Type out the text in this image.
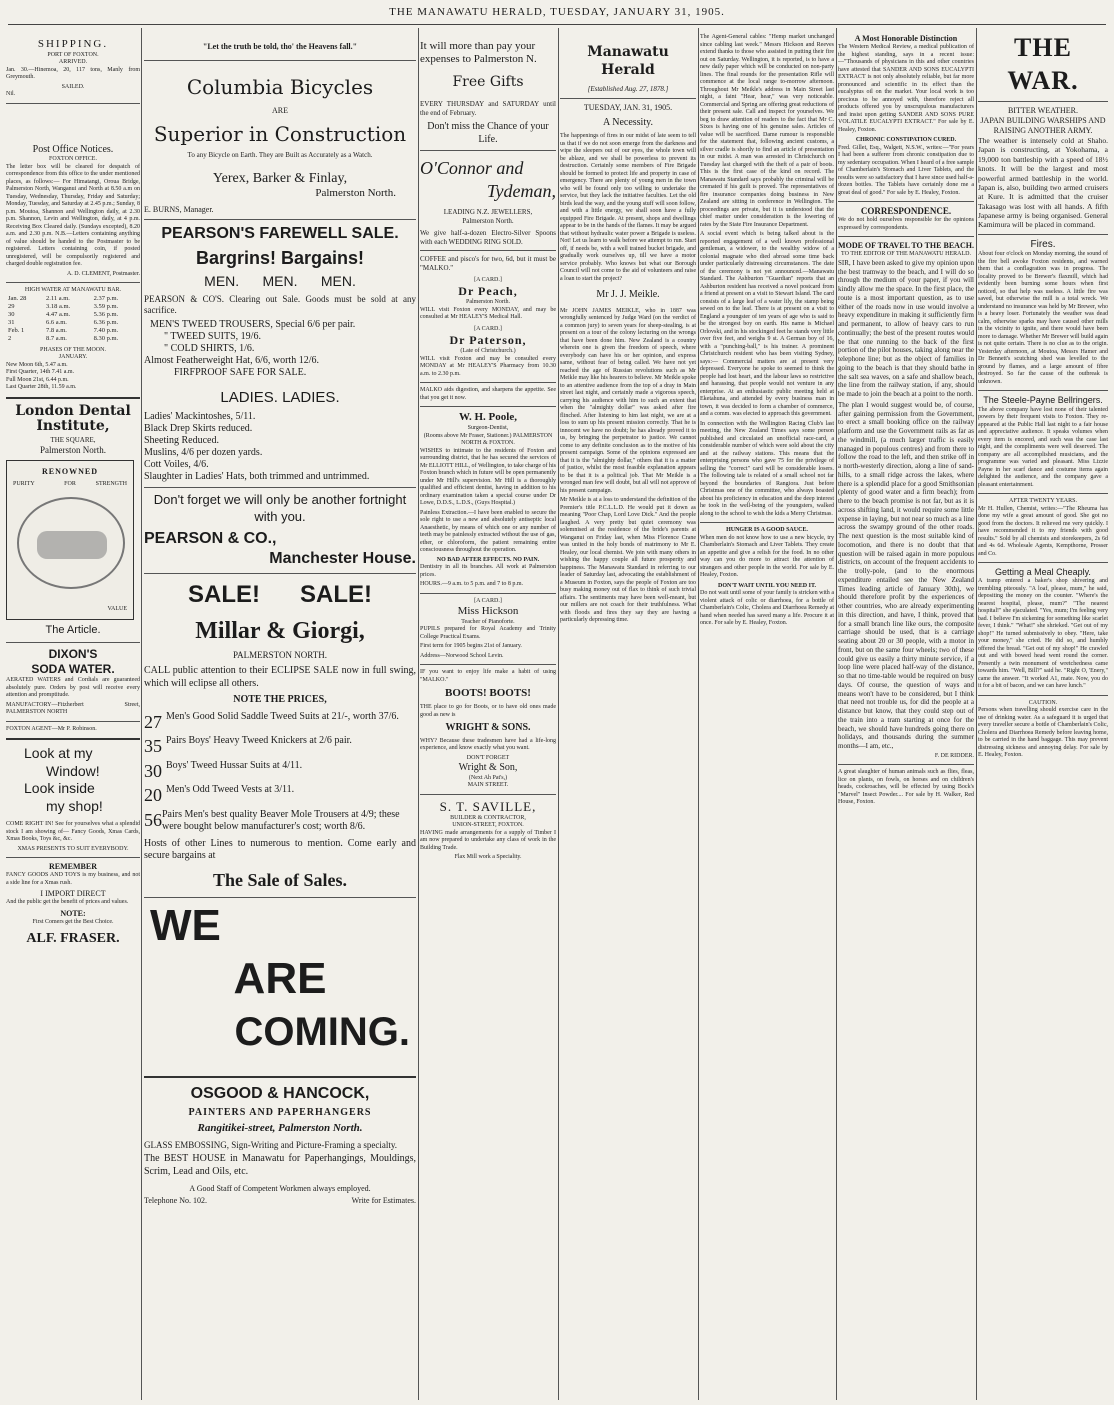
THE MANAWATU HERALD, TUESDAY, JANUARY 31, 1905.
SHIPPING.
PORT OF FOXTON.
ARRIVED.

Jan. 30.—Hinemoa, 20, 117 tons, Manly from Greymouth.

SAILED.

Nil.

Post Office Notices.
FOXTON OFFICE.

The letter box will be cleared for despatch of correspondence from this office to the under mentioned places, as follows:— For Himatangi, Oroua Bridge, Palmerston North, Wanganui and North at 8.50 a.m on Tuesday, Wednesday, Thursday, Friday and Saturday; Monday, Tuesday, and Saturday at 2.45 p.m.; Sunday, 8 p.m. Moutoa, Shannon and Wellington daily, at 2.30 p.m. Shannon, Levin and Wellington, daily, at 4 p.m. Receiving Box Cleared daily. (Sundays excepted), 8.20 a.m. and 2.30 p.m. N.B.—Letters containing anything of value should be handed to the Postmaster to be registered. Letters containing coin, if posted unregistered, will be compulsorily registered and charged double registration fee.

A. D. CLEMENT, Postmaster.
HIGH WATER AT MANAWATU BAR.
Jan. 28	2.11 a.m.	2.37 p.m.
29	3.18 a.m.	3.59 p.m.
30	4.47 a.m.	5.36 p.m.
31	6.6 a.m.	6.36 p.m.
Feb. 1	7.8 a.m.	7.40 p.m.
2	8.7 a.m.	8.30 p.m.
PHASES OF THE MOON.
JANUARY.
New Moon 6th, 5.47 a.m.
First Quarter, 14th 7.41 a.m.
Full Moon 21st, 6.44 p.m.
Last Quarter 28th, 11.59 a.m.
London Dental Institute,
THE SQUARE,
Palmerston North.
RENOWNED
PURITY	FOR	STRENGTH
VALUE
The Article.
DIXON'S
SODA WATER.

AERATED WATERS and Cordials are guaranteed absolutely pure. Orders by post will receive every attention and promptitude.

MANUFACTORY—Fitzherbert Street, PALMERSTON NORTH

FOXTON AGENT—Mr P. Robinson.

Look at my
Window!
Look inside
my shop!

COME RIGHT IN! See for yourselves what a splendid stock I am showing of— Fancy Goods, Xmas Cards, Xmas Books, Toys &c, &c.

XMAS PRESENTS TO SUIT EVERYBODY.

REMEMBER

FANCY GOODS AND TOYS is my business, and not a side line for a Xmas rush.

I IMPORT DIRECT

And the public get the benefit of prices and values.

NOTE:

First Comers get the Best Choice.

ALF. FRASER.
"Let the truth be told, tho' the Heavens fall."
Columbia Bicycles
ARE
Superior in Construction
To any Bicycle on Earth. They are Built as Accurately as a Watch.
Yerex, Barker & Finlay,
Palmerston North.
E. BURNS, Manager.
PEARSON'S FAREWELL SALE.
Bargrins! Bargains!
MEN.      MEN.      MEN.

PEARSON & CO'S. Clearing out Sale. Goods must be sold at any sacrifice.

MEN'S TWEED TROUSERS, Special 6/6 per pair.
" TWEED SUITS, 19/6.
" COLD SHIRTS, 1/6.
Almost Featherweight Hat, 6/6, worth 12/6.
FIRFPROOF SAFE FOR SALE.
LADIES. LADIES.
Ladies' Mackintoshes, 5/11.
Black Drep Skirts reduced.
Sheeting Reduced.
Muslins, 4/6 per dozen yards.
Cott Voiles, 4/6.
Slaughter in Ladies' Hats, both trimmed and untrimmed.
Don't forget we will only be another fortnight with you.
PEARSON & CO.,
Manchester House.
SALE!      SALE!
Millar & Giorgi,
PALMERSTON NORTH.

CALL public attention to their ECLIPSE SALE now in full swing, which will eclipse all others.

NOTE THE PRICES,
27 Men's Good Solid Saddle Tweed Suits at 21/-, worth 37/6.
35 Pairs Boys' Heavy Tweed Knickers at 2/6 pair.
30 Boys' Tweed Hussar Suits at 4/11.
20 Men's Odd Tweed Vests at 3/11.
56 Pairs Men's best quality Beaver Mole Trousers at 4/9; these were bought below manufacturer's cost; worth 8/6.

Hosts of other Lines to numerous to mention. Come early and secure bargains at

The Sale of Sales.
WE
ARE
COMING.
OSGOOD & HANCOCK,
PAINTERS AND PAPERHANGERS
Rangitikei-street, Palmerston North.

GLASS EMBOSSING, Sign-Writing and Picture-Framing a specialty.

The BEST HOUSE in Manawatu for Paperhangings, Mouldings, Scrim, Lead and Oils, etc.

A Good Staff of Competent Workmen always employed.
Telephone No. 102.	Write for Estimates.
It will more than pay your expenses to Palmerston N.
Free Gifts

EVERY THURSDAY and SATURDAY until the end of February.

Don't miss the Chance of your Life.
O'Connor and
Tydeman,
LEADING N.Z. JEWELLERS,
Palmerston North.

We give half-a-dozen Electro-Silver Spoons with each WEDDING RING SOLD.

COFFEE and pisco's for two, 6d, but it must be "MALKO."

[A CARD.]
Dr Peach,
Palmerston North.

WILL visit Foxton every MONDAY, and may be consulted at Mr HEALEY'S Medical Hall.

[A CARD.]
Dr Paterson,
(Late of Christchurch.)

WILL visit Foxton and may be consulted every MONDAY at Mr HEALEY'S Pharmacy from 10.30 a.m. to 2.30 p.m.

MALKO aids digestion, and sharpens the appetite. See that you get it now.

W. H. Poole,
Surgeon-Dentist,
(Rooms above Mr Fraser, Stationer.) PALMERSTON NORTH & FOXTON.

WISHES to intimate to the residents of Foxton and surrounding district, that he has secured the services of Mr ELLIOTT HILL, of Wellington, to take charge of his Foxton branch which in future will be open permanently under Mr Hill's supervision. Mr Hill is a thoroughly qualified and efficient dentist, having in addition to his ordinary examination taken a special course under Dr Lowe, D.D.S., L.D.S., (Guys Hospital.)

Painless Extraction.—I have been enabled to secure the sole right to use a new and absolutely antiseptic local Anaesthetic, by means of which one or any number of teeth may be painlessly extracted without the use of gas, ether, or chloroform, the patient remaining entire consciousness throughout the operation.

NO BAD AFTER EFFECTS. NO PAIN.

Dentistry in all its branches. All work at Palmerston prices.

HOURS.—9 a.m. to 5 p.m. and 7 to 8 p.m.

[A CARD.]
Miss Hickson
Teacher of Pianoforte.

PUPILS prepared for Royal Academy and Trinity College Practical Exams.

First term for 1905 begins 21st of January.

Address—Norwood School Levin.

IF you want to enjoy life make a habit of using "MALKO."

BOOTS! BOOTS!

THE place to go for Boots, or to have old ones made good as new is

WRIGHT & SONS.

WHY? Because these tradesmen have had a life-long experience, and know exactly what you want.

DON'T FORGET
Wright & Son,
(Next Ah Pat's,)
MAIN STREET.
S. T. SAVILLE,
BUILDER & CONTRACTOR,
UNION-STREET, FOXTON.

HAVING made arrangements for a supply of Timber I am now prepared to undertake any class of work in the Building Trade.

Flax Mill work a Speciality.
Manawatu Herald
[Established Aug. 27, 1878.]
TUESDAY, JAN. 31, 1905.
A Necessity.

The happenings of fires in our midst of late seem to tell us that if we do not soon emerge from the darkness and wipe the sleepers out of our eyes, the whole town will be ablaze, and we shall be powerless to prevent its destruction. Certainly some members of Fire Brigade should be formed to protect life and property in case of emergency. There are plenty of young men in the town who will be found only too willing to undertake the service, but they lack the initiative faculties. Let the old birds lead the way, and the young stuff will soon follow, and with a little energy, we shall soon have a fully equipped Fire Brigade. At present, shops and dwellings appear to be in the hands of the flames. It may be argued that without hydraulic water power a Brigade is useless. Not! Let us learn to walk before we attempt to run. Start off, if needs be, with a well trained bucket brigade, and gradually work ourselves up, till we have a motor service probably. Who knows but what our Borough Council will not come to the aid of volunteers and raise a loan to start the project?

Mr J. J. Meikle.

Mr JOHN JAMES MEIKLE, who in 1887 was wrongfully sentenced by Judge Ward (on the verdict of a common jury) to seven years for sheep-stealing, is at present on a tour of the colony lecturing on the wrongs that have been done him. New Zealand is a country wherein one is given the freedom of speech, where everybody can have his or her opinion, and express same, without fear of being called. We have not yet reached the age of Russian revolutions such as Mr Meikle may like his hearers to believe. Mr Meikle spoke to an attentive audience from the top of a dray in Main street last night, and certainly made a vigorous speech, carrying his audience with him to such an extent that when the "almighty dollar" was asked after fire flinched. After listening to him last night, we are at a loss to sum up his present mission correctly. That he is innocent we have no doubt; he has already proved it to us, by bringing the perpetrator to justice. We cannot come to any definite conclusion as to the motive of his present campaign. Some of the opinions expressed are that it is the "almighty dollar," others that it is a matter of justice, whilst the most feasible explanation appears to be that it is a political job. That Mr Meikle is a wronged man few will doubt, but all will not approve of his present campaign.

Mr Meikle is at a loss to understand the definition of the Premier's title P.C.L.L.D. He would put it down as meaning "Poor Chap, Lord Love Dick." And the people laughed. A very pretty but quiet ceremony was solemnised at the residence of the bride's parents at Wanganui on Friday last, when Miss Florence Crane was united in the holy bonds of matrimony to Mr E. Healey, our local chemist. We join with many others in wishing the happy couple all future prosperity and happiness. The Manawatu Standard in referring to our leader of Saturday last, advocating the establishment of a Museum in Foxton, says the people of Foxton are too busy making money out of flax to think of such trivial affairs. The sentiments may have been well-meant, but our millers are not coach for their truthfulness. What with floods and fires they say they are having a particularly depressing time.

The Agent-General cables: "Hemp market unchanged since cabling last week." Messrs Hickson and Reeves extend thanks to those who assisted in putting their fire out on Saturday. Wellington, it is reported, is to have a new daily paper which will be conducted on non-party lines. The final rounds for the presentation Rifle will commence at the local range to-morrow afternoon. Throughout Mr Meikle's address in Main Street last night, a faint "Hear, hear," was very noticeable. Commercial and Spring are offering great reductions of their present sale. Call and inspect for yourselves. We beg to draw attention of readers to the fact that Mr C. Sixes is having one of his genuine sales. Articles of value will be sacrificed. Dame rumour is responsible for the statement that, following ancient customs, a silver cradle is shortly to find an article of presentation in our midst. A man was arrested in Christchurch on Tuesday last charged with the theft of a pair of boots. This is the first case of the kind on record. The Manawatu Standard says probably the criminal will be cremated if his guilt is proved. The representatives of fire insurance companies doing business in New Zealand are sitting in conference in Wellington. The proceedings are private, but it is understood that the chief matter under consideration is the lowering of rates by the State Fire Insurance Department.

A social event which is being talked about is the reported engagement of a well known professional gentleman, a widower, to the wealthy widow of a colonial magnate who died abroad some time back under particularly distressing circumstances. The date of the ceremony is not yet announced.—Manawatu Standard. The Ashburton "Guardian" reports that an Ashburton resident has received a novel postcard from a friend at present on a visit to Stewart Island. The card consists of a large leaf of a water lily, the stamp being sewed on to the leaf. There is at present on a visit to England a youngster of ten years of age who is said to be the strongest boy on earth. His name is Michael Orlovski, and in his stockinged feet he stands very little over five feet, and weighs 9 st. A German boy of 16, with a "punching-ball," is his trainer. A prominent Christchurch resident who has been visiting Sydney, says:— Commercial matters are at present very depressed. Everyone he spoke to seemed to think the people had lost heart, and the labour laws so restrictive and harassing, that people would not venture in any enterprise. At an enthusiastic public meeting held at Eketahuna, and attended by every business man in town, it was decided to form a chamber of commerce, and a comm. was elected to approach this government.

In connection with the Wellington Racing Club's last meeting, the New Zealand Times says some person published and circulated an unofficial race-card, a considerable number of which were sold about the city and at the railway stations. This means that the enterprising persons who gave 75 for the privilege of selling the "correct" card will be considerable losers. The following tale is related of a small school not far beyond the boundaries of Rangiora. Just before Christmas one of the committee, who always boasted about his proficiency in education and the deep interest he took in the well-being of the youngsters, walked along to the school to wish the kids a Merry Christmas.

HUNGER IS A GOOD SAUCE.

When men do not know how to use a new bicycle, try Chamberlain's Stomach and Liver Tablets. They create an appetite and give a relish for the food. In no other way can you do more to attract the attention of strangers and other people in the world. For sale by E. Healey, Foxton.

DON'T WAIT UNTIL YOU NEED IT.

Do not wait until some of your family is stricken with a violent attack of colic or diarrhoea, for a bottle of Chamberlain's Colic, Cholera and Diarrhoea Remedy at hand when needed has saved many a life. Procure it at once. For sale by E. Healey, Foxton.

A Most Honorable Distinction

The Western Medical Review, a medical publication of the highest standing, says in a recent issue:—"Thousands of physicians in this and other countries have attested that SANDER AND SONS EUCALYPTI EXTRACT is not only absolutely reliable, but far more pronounced and scientific in its effect than the eucalyptus oil on the market. Your local work is too precious to be annoyed with, therefore reject all products offered you by unscrupulous manufacturers and insist upon getting SANDER AND SONS PURE VOLATILE EUCALYPTI EXTRACT." For sale by E. Healey, Foxton.

CHRONIC CONSTIPATION CURED.

Fred. Gillet, Esq., Walgett, N.S.W., writes:—"For years I had been a sufferer from chronic constipation due to my sedentary occupation. When I heard of a free sample of Chamberlain's Stomach and Liver Tablets, and the results were so satisfactory that I have since used half-a-dozen bottles. The Tablets have certainly done me a great deal of good." For sale by E. Healey, Foxton.

CORRESPONDENCE.

We do not hold ourselves responsible for the opinions expressed by correspondents.

MODE OF TRAVEL TO THE BEACH.
TO THE EDITOR OF THE MANAWATU HERALD.

SIR, I have been asked to give my opinion upon the best tramway to the beach, and I will do so through the medium of your paper, if you will kindly allow me the space. In the first place, the route is a most important question, as to use either of the roads now in use would involve a heavy expenditure in making it sufficiently firm and permanent, to allow of heavy cars to run continually; the best of the present routes would be that one running to the back of the first portion of the pilot houses, taking along near the telephone line; but as the object of families in going to the beach is that they should bathe in the salt sea waves, on a safe and shallow beach, the line from the railway station, if any, should be made to join the beach at a point to the north.

The plan I would suggest would be, of course, after gaining permission from the Government, to erect a small booking office on the railway platform and use the Government rails as far as the windmill, (a much larger traffic is easily managed in populous centres) and from there to follow the road to the left, and then strike off in a north-westerly direction, along a line of sand-hills, to a small ridge across the lakes, where there is a splendid place for a good Smithsonian (plenty of good water and a firm beach); from there to the beach promise is not far, but as it is across shifting land, it would require some little expense in laying, but not near so much as a line across the swampy ground of the other roads. The next question is the most suitable kind of locomotion, and there is no doubt that that question will be raised again in more populous districts, on account of the frequent accidents to the trolly-pole, (and to the enormous expenditure entailed see the New Zealand Times leading article of January 30th), we should therefore profit by the experiences of other countries, who are already experimenting in this direction, and have, I think, proved that for a small branch line like ours, the composite carriage should be used, that is a carriage seating about 20 or 30 people, with a motor in front, but on the same four wheels; two of these could give us easily a thirty minute service, if a loop line were placed half-way of the distance, so that no time-table would be required on busy days. Of course, the question of ways and means won't have to be considered, but I think that need not trouble us, for did the people at a distance but know, that they could step out of the train into a tram starting at once for the beach, we should have hundreds going there on holidays, and thousands during the summer months—I am, etc.,

F. DE RIDDER.

A great slaughter of human animals such as flies, fleas, lice on plants, on fowls, on horses and on children's heads, cockroaches, will be effected by using Bock's "Marvel" Insect Powder.... For sale by H. Walker, Red House, Foxton.

THE WAR.
BITTER WEATHER.
JAPAN BUILDING WARSHIPS AND RAISING ANOTHER ARMY.

The weather is intensely cold at Shaho. Japan is constructing, at Yokohama, a 19,000 ton battleship with a speed of 18½ knots. It will be the largest and most powerful armed battleship in the world. Japan is, also, building two armed cruisers at Kure. It is admitted that the cruiser Takasago was lost with all hands. A fifth Japanese army is being organised. General Kamimura will be placed in command.

Fires.

About four o'clock on Monday morning, the sound of the fire bell awoke Foxton residents, and warned them that a conflagration was in progress. The locality proved to be Brewer's flaxmill, which had evidently been burning some hours when first noticed, so that help was useless. A little fire was saved, but otherwise the mill is a total wreck. We understand no insurance was held by Mr Brewer, who is a heavy loser. Fortunately the weather was dead calm, otherwise sparks may have caused other mills in the vicinity to ignite, and there would have been more to damage. Whether Mr Brewer will build again is not quite certain. There is no clue as to the origin. Yesterday afternoon, at Moutoa, Messrs Hamer and Dr Bennett's scutching shed was levelled to the ground by flames, and a large amount of fibre destroyed. So far the cause of the outbreak is unknown.

The Steele-Payne Bellringers.

The above company have lost none of their talented powers by their frequent visits to Foxton. They re-appeared at the Public Hall last night to a fair house and appreciative audience. It speaks volumes when every item is encored, and such was the case last night, and the compliments were well deserved. The company are all accomplished musicians, and the programme was varied and pleasant. Miss Lizzie Payne in her scarf dance and costume items again delighted the audience, and the company gave a pleasant entertainment.

AFTER TWENTY YEARS.

Mr H. Hullen, Chemist, writes:—"The Rheuma has done my wife a great amount of good. She got no good from the doctors. It relieved me very quickly. I have recommended it to my friends with good results." Sold by all chemists and storekeepers, 2s 6d and 4s 6d. Wholesale Agents, Kempthorne, Prosser and Co.

Getting a Meal Cheaply.

A tramp entered a baker's shop shivering and trembling piteously. "A loaf, please, mum," he said, depositing the money on the counter. "Where's the nearest hospital, please, mum?" "The nearest hospital!" she ejaculated. "Yes, mum; I'm feeling very bad. I believe I'm sickening for something like scarlet fever, I think." "What!" she shrieked. "Get out of my shop!" He turned submissively to obey. "Here, take your money," she cried. He did so, and humbly offered the bread. "Get out of my shop!" He crawled out and with bowed head went round the corner. Presently a twin monument of wretchedness came towards him. "Well, Bill?" said he. "Right O, 'Enery," came the answer. "It worked A1, mate. Now, you do it for a bit of bacon, and we can have lunch."

CAUTION.

Persons when travelling should exercise care in the use of drinking water. As a safeguard it is urged that every traveller secure a bottle of Chamberlain's Colic, Cholera and Diarrhoea Remedy before leaving home, to be carried in the hand baggage. This may prevent distressing sickness and annoying delay. For sale by E. Healey, Foxton.
